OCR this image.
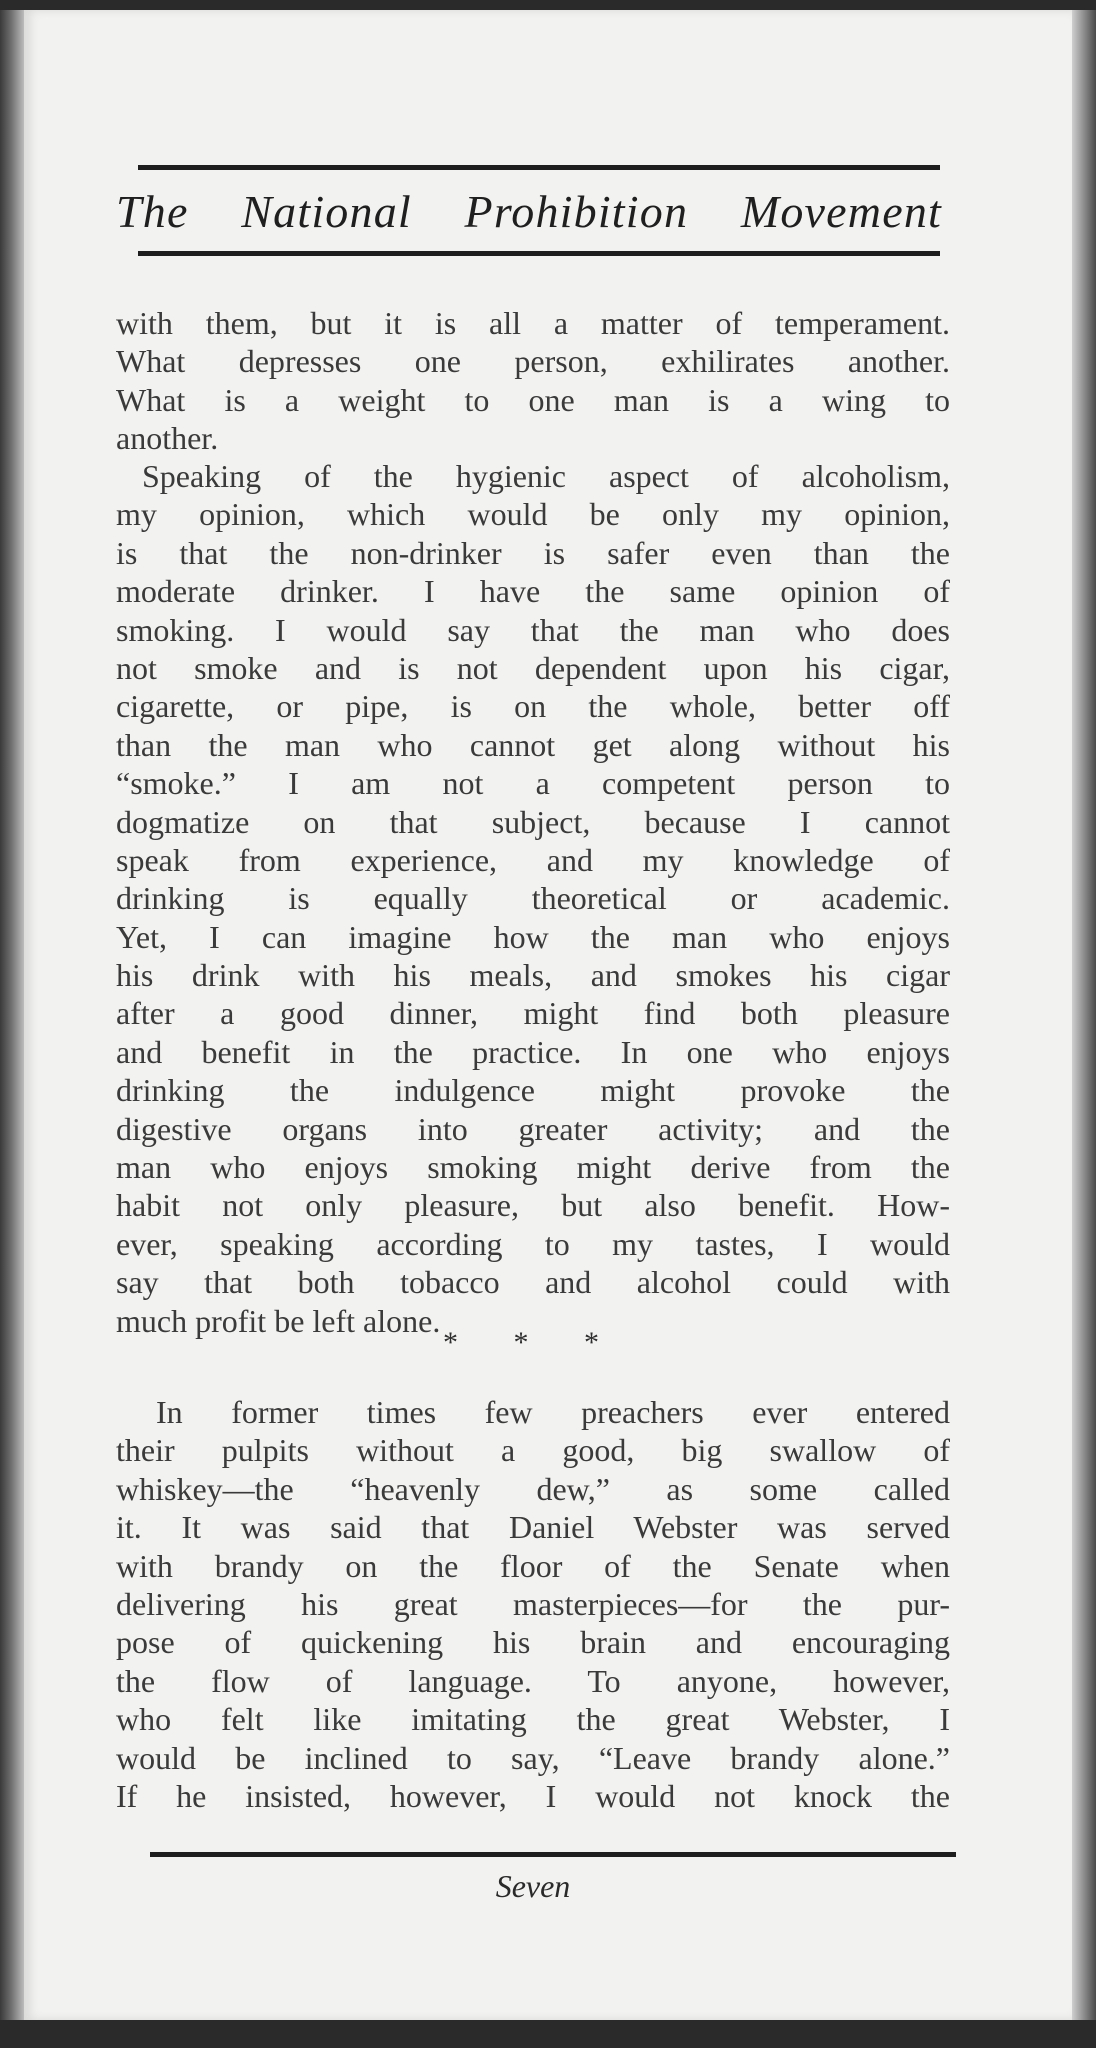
The National Prohibition Movement
with them, but it is all a matter of temperament.
What depresses one person, exhilirates another.
What is a weight to one man is a wing to
another.
Speaking of the hygienic aspect of alcoholism,
my opinion, which would be only my opinion,
is that the non-drinker is safer even than the
moderate drinker. I have the same opinion of
smoking. I would say that the man who does
not smoke and is not dependent upon his cigar,
cigarette, or pipe, is on the whole, better off
than the man who cannot get along without his
“smoke.” I am not a competent person to
dogmatize on that subject, because I cannot
speak from experience, and my knowledge of
drinking is equally theoretical or academic.
Yet, I can imagine how the man who enjoys
his drink with his meals, and smokes his cigar
after a good dinner, might find both pleasure
and benefit in the practice. In one who enjoys
drinking the indulgence might provoke the
digestive organs into greater activity; and the
man who enjoys smoking might derive from the
habit not only pleasure, but also benefit. How-
ever, speaking according to my tastes, I would
say that both tobacco and alcohol could with
much profit be left alone.

* * *

In former times few preachers ever entered
their pulpits without a good, big swallow of
whiskey—the “heavenly dew,” as some called
it. It was said that Daniel Webster was served
with brandy on the floor of the Senate when
delivering his great masterpieces—for the pur-
pose of quickening his brain and encouraging
the flow of language. To anyone, however,
who felt like imitating the great Webster, I
would be inclined to say, “Leave brandy alone.”
If he insisted, however, I would not knock the

Seven
